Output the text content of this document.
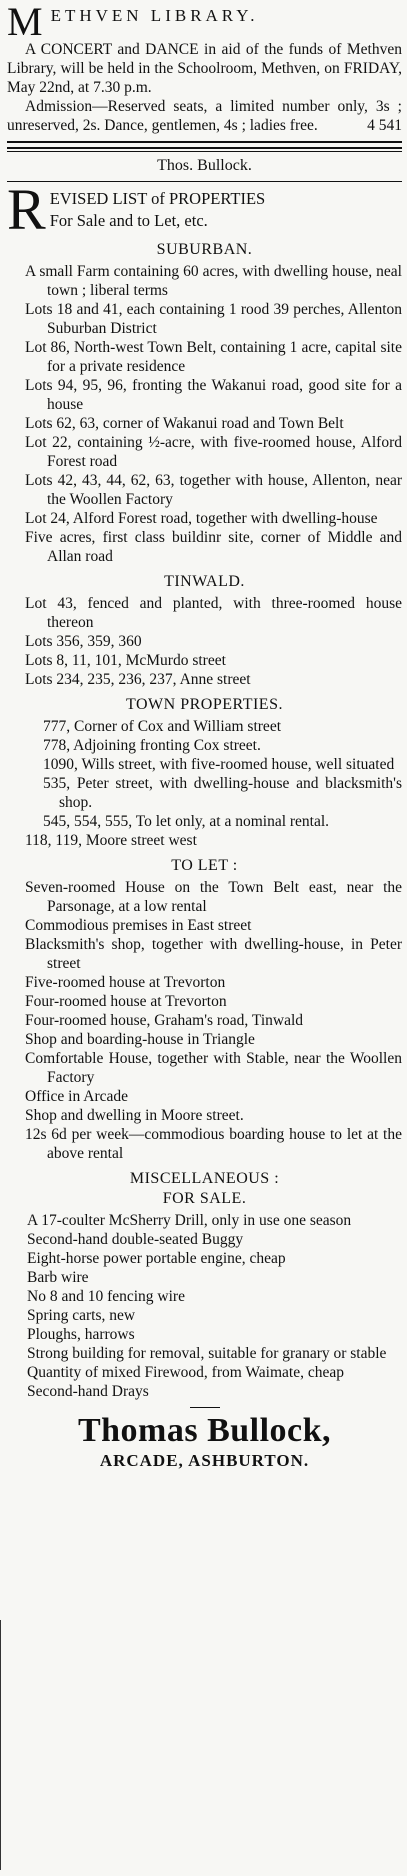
M ETHVEN LIBRARY.

A CONCERT and DANCE in aid of the funds of Methven Library, will be held in the Schoolroom, Methven, on FRIDAY, May 22nd, at 7.30 p.m.

Admission—Reserved seats, a limited number only, 3s ; unreserved, 2s. Dance, gentlemen, 4s ; ladies free.	4 541

Thos. Bullock.

R EVISED LIST of PROPERTIES

For Sale and to Let, etc.

SUBURBAN.

A small Farm containing 60 acres, with dwelling house, neal town ; liberal terms

Lots 18 and 41, each containing 1 rood 39 perches, Allenton Suburban District

Lot 86, North-west Town Belt, containing 1 acre, capital site for a private residence

Lots 94, 95, 96, fronting the Wakanui road, good site for a house

Lots 62, 63, corner of Wakanui road and Town Belt

Lot 22, containing ½-acre, with five-roomed house, Alford Forest road

Lots 42, 43, 44, 62, 63, together with house, Allenton, near the Woollen Factory

Lot 24, Alford Forest road, together with dwelling-house

Five acres, first class buildinr site, corner of Middle and Allan road

TINWALD.

Lot 43, fenced and planted, with three-roomed house thereon

Lots 356, 359, 360

Lots 8, 11, 101, McMurdo street

Lots 234, 235, 236, 237, Anne street

TOWN PROPERTIES.

777, Corner of Cox and William street

778, Adjoining fronting Cox street.

1090, Wills street, with five-roomed house, well situated

535, Peter street, with dwelling-house and blacksmith's shop.

545, 554, 555, To let only, at a nominal rental.

118, 119, Moore street west

TO LET :

Seven-roomed House on the Town Belt east, near the Parsonage, at a low rental

Commodious premises in East street

Blacksmith's shop, together with dwelling-house, in Peter street

Five-roomed house at Trevorton

Four-roomed house at Trevorton

Four-roomed house, Graham's road, Tinwald

Shop and boarding-house in Triangle

Comfortable House, together with Stable, near the Woollen Factory

Office in Arcade

Shop and dwelling in Moore street.

12s 6d per week—commodious boarding house to let at the above rental

MISCELLANEOUS :
FOR SALE.

A 17-coulter McSherry Drill, only in use one season

Second-hand double-seated Buggy

Eight-horse power portable engine, cheap

Barb wire

No 8 and 10 fencing wire

Spring carts, new

Ploughs, harrows

Strong building for removal, suitable for granary or stable

Quantity of mixed Firewood, from Waimate, cheap

Second-hand Drays

Thomas Bullock,

ARCADE, ASHBURTON.
